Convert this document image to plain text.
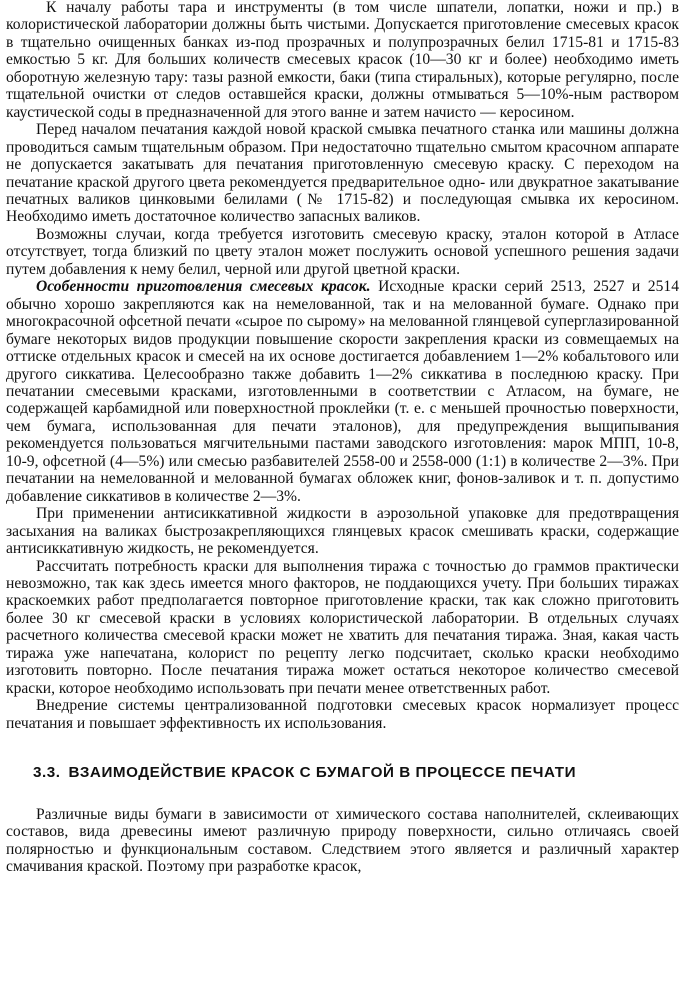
К началу работы тара и инструменты (в том числе шпатели, лопатки, ножи и пр.) в колористической лаборатории должны быть чистыми. Допускается приготовление смесевых красок в тщательно очищенных банках из-под прозрачных и полупрозрачных белил 1715-81 и 1715-83 емкостью 5 кг. Для больших количеств смесевых красок (10—30 кг и более) необходимо иметь оборотную железную тару: тазы разной емкости, баки (типа стиральных), которые регулярно, после тщательной очистки от следов оставшейся краски, должны отмываться 5—10%-ным раствором каустической соды в предназначенной для этого ванне и затем начисто — керосином.

Перед началом печатания каждой новой краской смывка печатного станка или машины должна проводиться самым тщательным образом. При недостаточно тщательно смытом красочном аппарате не допускается закатывать для печатания приготовленную смесевую краску. С переходом на печатание краской другого цвета рекомендуется предварительное одно- или двукратное закатывание печатных валиков цинковыми белилами (№ 1715-82) и последующая смывка их керосином. Необходимо иметь достаточное количество запасных валиков.

Возможны случаи, когда требуется изготовить смесевую краску, эталон которой в Атласе отсутствует, тогда близкий по цвету эталон может послужить основой успешного решения задачи путем добавления к нему белил, черной или другой цветной краски.

Особенности приготовления смесевых красок. Исходные краски серий 2513, 2527 и 2514 обычно хорошо закрепляются как на немелованной, так и на мелованной бумаге. Однако при многокрасочной офсетной печати «сырое по сырому» на мелованной глянцевой суперглазированной бумаге некоторых видов продукции повышение скорости закрепления краски из совмещаемых на оттиске отдельных красок и смесей на их основе достигается добавлением 1—2% кобальтового или другого сиккатива. Целесообразно также добавить 1—2% сиккатива в последнюю краску. При печатании смесевыми красками, изготовленными в соответствии с Атласом, на бумаге, не содержащей карбамидной или поверхностной проклейки (т. е. с меньшей прочностью поверхности, чем бумага, использованная для печати эталонов), для предупреждения выщипывания рекомендуется пользоваться мягчительными пастами заводского изготовления: марок МПП, 10-8, 10-9, офсетной (4—5%) или смесью разбавителей 2558-00 и 2558-000 (1:1) в количестве 2—3%. При печатании на немелованной и мелованной бумагах обложек книг, фонов-заливок и т. п. допустимо добавление сиккативов в количестве 2—3%.

При применении антисиккативной жидкости в аэрозольной упаковке для предотвращения засыхания на валиках быстрозакрепляющихся глянцевых красок смешивать краски, содержащие антисиккативную жидкость, не рекомендуется.

Рассчитать потребность краски для выполнения тиража с точностью до граммов практически невозможно, так как здесь имеется много факторов, не поддающихся учету. При больших тиражах краскоемких работ предполагается повторное приготовление краски, так как сложно приготовить более 30 кг смесевой краски в условиях колористической лаборатории. В отдельных случаях расчетного количества смесевой краски может не хватить для печатания тиража. Зная, какая часть тиража уже напечатана, колорист по рецепту легко подсчитает, сколько краски необходимо изготовить повторно. После печатания тиража может остаться некоторое количество смесевой краски, которое необходимо использовать при печати менее ответственных работ.

Внедрение системы централизованной подготовки смесевых красок нормализует процесс печатания и повышает эффективность их использования.

3.3. ВЗАИМОДЕЙСТВИЕ КРАСОК С БУМАГОЙ В ПРОЦЕССЕ ПЕЧАТИ

Различные виды бумаги в зависимости от химического состава наполнителей, склеивающих составов, вида древесины имеют различную природу поверхности, сильно отличаясь своей полярностью и функциональным составом. Следствием этого является и различный характер смачивания краской. Поэтому при разработке красок,
